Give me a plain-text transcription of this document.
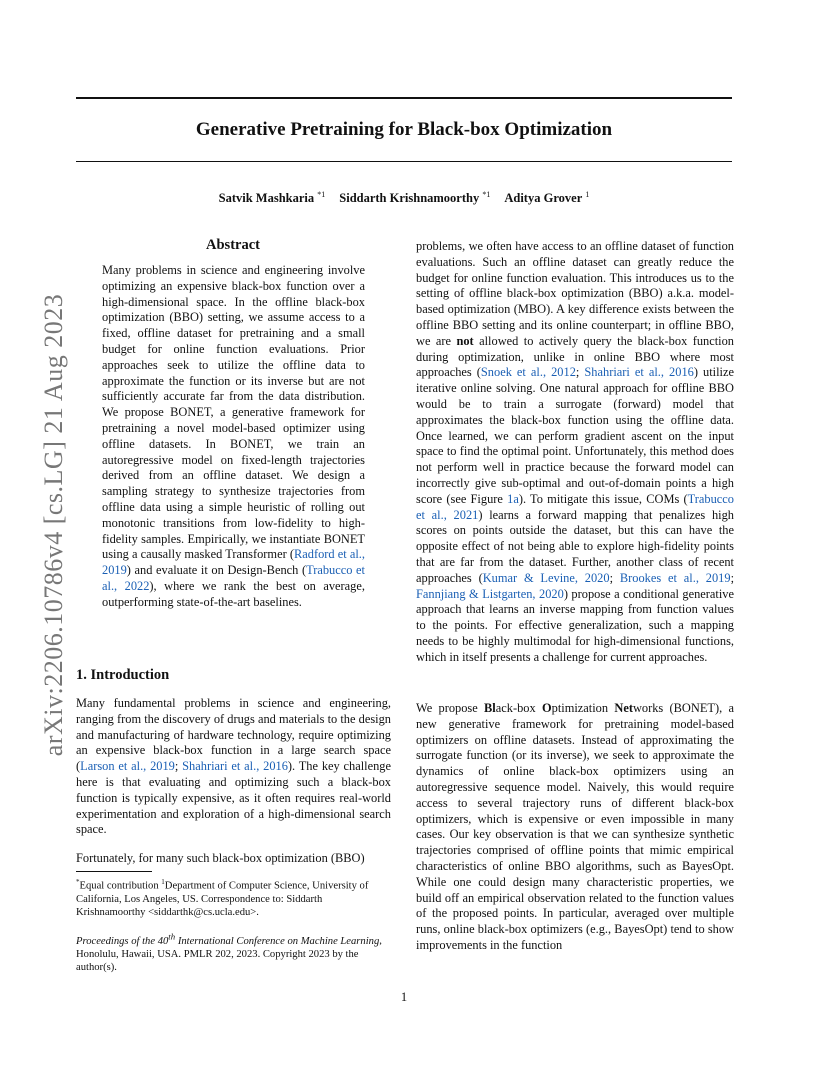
Generative Pretraining for Black-box Optimization
Satvik Mashkaria $^{*1}$ Siddarth Krishnamoorthy $^{*1}$ Aditya Grover $^1$
arXiv:2206.10786v4 [cs.LG] 21 Aug 2023
Abstract
Many problems in science and engineering involve optimizing an expensive black-box function over a high-dimensional space. In the offline black-box optimization (BBO) setting, we assume access to a fixed, offline dataset for pretraining and a small budget for online function evaluations. Prior approaches seek to utilize the offline data to approximate the function or its inverse but are not sufficiently accurate far from the data distribution. We propose BONET, a generative framework for pretraining a novel model-based optimizer using offline datasets. In BONET, we train an autoregressive model on fixed-length trajectories derived from an offline dataset. We design a sampling strategy to synthesize trajectories from offline data using a simple heuristic of rolling out monotonic transitions from low-fidelity to high-fidelity samples. Empirically, we instantiate BONET using a causally masked Transformer (Radford et al., 2019) and evaluate it on Design-Bench (Trabucco et al., 2022), where we rank the best on average, outperforming state-of-the-art baselines.
1. Introduction
Many fundamental problems in science and engineering, ranging from the discovery of drugs and materials to the design and manufacturing of hardware technology, require optimizing an expensive black-box function in a large search space (Larson et al., 2019; Shahriari et al., 2016). The key challenge here is that evaluating and optimizing such a black-box function is typically expensive, as it often requires real-world experimentation and exploration of a high-dimensional search space.
Fortunately, for many such black-box optimization (BBO)
problems, we often have access to an offline dataset of function evaluations. Such an offline dataset can greatly reduce the budget for online function evaluation. This introduces us to the setting of offline black-box optimization (BBO) a.k.a. model-based optimization (MBO). A key difference exists between the offline BBO setting and its online counterpart; in offline BBO, we are not allowed to actively query the black-box function during optimization, unlike in online BBO where most approaches (Snoek et al., 2012; Shahriari et al., 2016) utilize iterative online solving. One natural approach for offline BBO would be to train a surrogate (forward) model that approximates the black-box function using the offline data. Once learned, we can perform gradient ascent on the input space to find the optimal point. Unfortunately, this method does not perform well in practice because the forward model can incorrectly give sub-optimal and out-of-domain points a high score (see Figure 1a). To mitigate this issue, COMs (Trabucco et al., 2021) learns a forward mapping that penalizes high scores on points outside the dataset, but this can have the opposite effect of not being able to explore high-fidelity points that are far from the dataset. Further, another class of recent approaches (Kumar & Levine, 2020; Brookes et al., 2019; Fannjiang & Listgarten, 2020) propose a conditional generative approach that learns an inverse mapping from function values to the points. For effective generalization, such a mapping needs to be highly multimodal for high-dimensional functions, which in itself presents a challenge for current approaches.
We propose Black-box Optimization Networks (BONET), a new generative framework for pretraining model-based optimizers on offline datasets. Instead of approximating the surrogate function (or its inverse), we seek to approximate the dynamics of online black-box optimizers using an autoregressive sequence model. Naively, this would require access to several trajectory runs of different black-box optimizers, which is expensive or even impossible in many cases. Our key observation is that we can synthesize synthetic trajectories comprised of offline points that mimic empirical characteristics of online BBO algorithms, such as BayesOpt. While one could design many characteristic properties, we build off an empirical observation related to the function values of the proposed points. In particular, averaged over multiple runs, online black-box optimizers (e.g., BayesOpt) tend to show improvements in the function
*Equal contribution $^1$Department of Computer Science, University of California, Los Angeles, US. Correspondence to: Siddarth Krishnamoorthy <siddarthk@cs.ucla.edu>.
Proceedings of the 40th International Conference on Machine Learning, Honolulu, Hawaii, USA. PMLR 202, 2023. Copyright 2023 by the author(s).
1
